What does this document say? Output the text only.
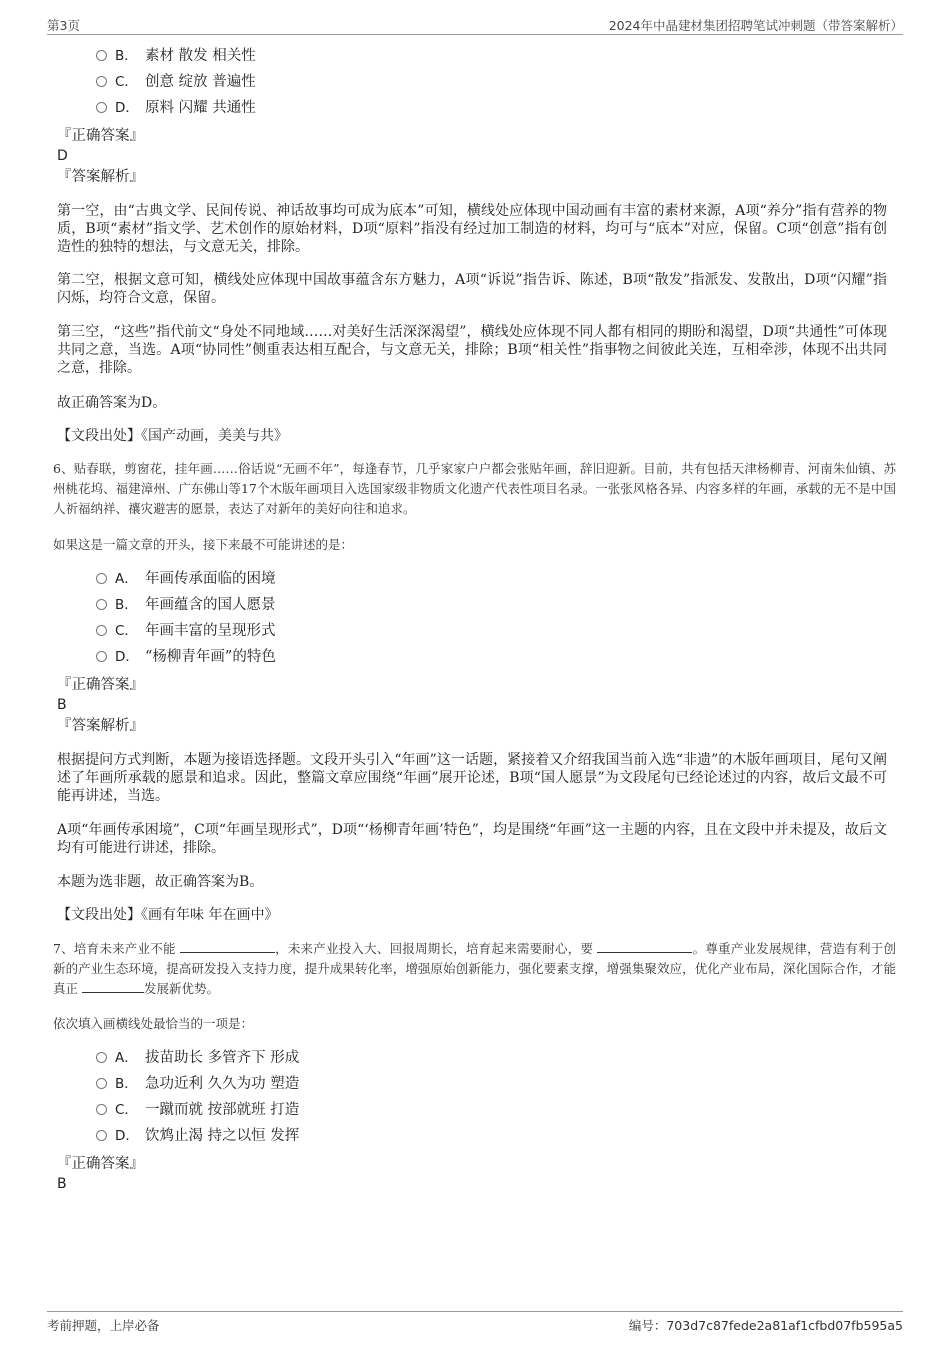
第3页	2024年中晶建材集团招聘笔试冲刺题（带答案解析）
B． 素材 散发 相关性
C． 创意 绽放 普遍性
D． 原料 闪耀 共通性
『正确答案』
D
『答案解析』
第一空，由“古典文学、民间传说、神话故事均可成为底本”可知，横线处应体现中国动画有丰富的素材来源，A项“养分”指有营养的物质，B项“素材”指文学、艺术创作的原始材料，D项“原料”指没有经过加工制造的材料，均可与“底本”对应，保留。C项“创意”指有创造性的独特的想法，与文意无关，排除。
第二空，根据文意可知，横线处应体现中国故事蕴含东方魅力，A项“诉说”指告诉、陈述，B项“散发”指派发、发散出，D项“闪耀”指闪烁，均符合文意，保留。
第三空，“这些”指代前文“身处不同地域……对美好生活深深渴望”，横线处应体现不同人都有相同的期盼和渴望，D项“共通性”可体现共同之意，当选。A项“协同性”侧重表达相互配合，与文意无关，排除；B项“相关性”指事物之间彼此关连，互相牵涉，体现不出共同之意，排除。
故正确答案为D。
【文段出处】《国产动画，美美与共》
6、贴春联，剪窗花，挂年画……俗话说“无画不年”，每逢春节，几乎家家户户都会张贴年画，辞旧迎新。目前，共有包括天津杨柳青、河南朱仙镇、苏州桃花坞、福建漳州、广东佛山等17个木版年画项目入选国家级非物质文化遗产代表性项目名录。一张张风格各异、内容多样的年画，承载的无不是中国人祈福纳祥、禳灾避害的愿景，表达了对新年的美好向往和追求。
如果这是一篇文章的开头，接下来最不可能讲述的是：
A． 年画传承面临的困境
B． 年画蕴含的国人愿景
C． 年画丰富的呈现形式
D． “杨柳青年画”的特色
『正确答案』
B
『答案解析』
根据提问方式判断，本题为接语选择题。文段开头引入“年画”这一话题，紧接着又介绍我国当前入选“非遗”的木版年画项目，尾句又阐述了年画所承载的愿景和追求。因此，整篇文章应围绕“年画”展开论述，B项“国人愿景”为文段尾句已经论述过的内容，故后文最不可能再讲述，当选。
A项“年画传承困境”，C项“年画呈现形式”，D项“‘杨柳青年画’特色”，均是围绕“年画”这一主题的内容，且在文段中并未提及，故后文均有可能进行讲述，排除。
本题为选非题，故正确答案为B。
【文段出处】《画有年味 年在画中》
7、培育未来产业不能	，未来产业投入大、回报周期长，培育起来需要耐心，要	。尊重产业发展规律，营造有利于创新的产业生态环境，提高研发投入支持力度，提升成果转化率，增强原始创新能力，强化要素支撑，增强集聚效应，优化产业布局，深化国际合作，才能真正	发展新优势。
依次填入画横线处最恰当的一项是：
A． 拔苗助长 多管齐下 形成
B． 急功近利 久久为功 塑造
C． 一蹴而就 按部就班 打造
D． 饮鸩止渴 持之以恒 发挥
『正确答案』
B
考前押题，上岸必备	编号：703d7c87fede2a81af1cfbd07fb595a5
